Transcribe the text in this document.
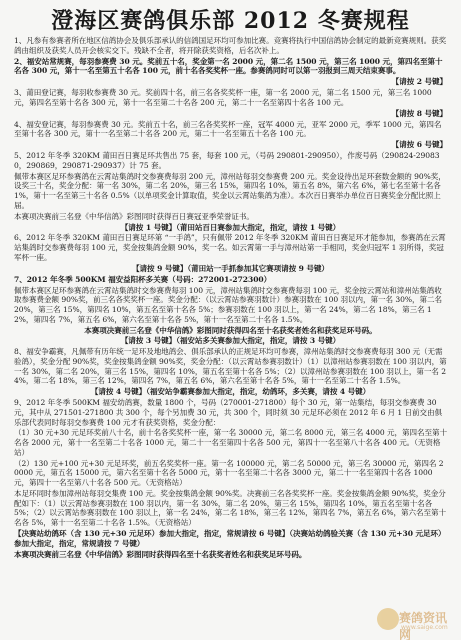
澄海区赛鸽俱乐部 2012 冬赛规程

1、凡参有参赛者所在地区信鸽协会及俱乐部承认的信鸽国足环均可参加比赛。竞赛将执行中国信鸽协会制定的最新竞赛规则。获奖鸽由组织及获奖人员开会核实交下。残缺不全者，将开除获奖资格，后名次补上。

2、福安站常规赛，每羽参赛费 30 元。奖前五十名，奖金第一名 2000 元，第二名 1500 元，第三名 1000 元，第四名至第十名各 300 元，第十一名至第五十名各 100 元，前十名各奖奖杯一座。参赛鸽同时可以第一羽报到三周天结束赛事。

【请按 2 号键】

3、莆田登记赛，每羽收参赛费 30 元。奖前四十名，前三名各奖奖杯一座，第一名 2000 元，第二名 1500 元，第三名 1000 元，第四名至第十名各 300 元，第十一名至第二十名各 200 元，第二十一名至第四十名各 100 元。

【请按 8 号键】

4、福安登记赛，每羽参赛费 30 元。奖前五十名，前三名各奖奖杯一座，冠军 4000 元，亚军 2000 元，季军 1000 元，第四名至第十名各 300 元，第十一名至第二十名各 200 元，第二十一名至第五十名各 100 元。

【请按 6 号键】

5、2012 年冬季 320KM 莆田百日赛足环共售出 75 套，每套 100 元，（号码 290801-290950），作废号码（290824-290830，290869，290871-290937）计 75 套。

佩带本赛区足环参赛鸽在云霄站集鸽时交参赛费每羽 200 元，漳州站每羽交参赛费 200 元。奖金设待出足环套数金额的 90%奖，设奖三十名，奖金分配：第一名 30%，第二名 20%，第三名 15%，第四名 10%，第五名 8%，第六名 6%，第七名至第十名各 1%，第十一名至第三十名各 0.5%（以单项奖金计算取值，奖金以云霄站集鸽为准）。本次百日赛举办单位百日赛奖金分配比照上届。

本赛项决赛前三名登《中华信鸽》彩图同时获得百日赛冠亚季荣誉证书。

【请按 1 号键】（莆田站百日赛参加大指定，指定，请按 1 号键）

6、2012 年冬季 320KM 莆田百日赛足环第 “一手鸽”，只有佩带 2012 年冬季 320KM 莆田百日赛足环才能参加，参赛鸽在云霄站集鸽时交参赛费每羽 100 元，奖金按集鸽金额 90%，奖一名。如云霄第一手与漳州站第一手相同，奖金归冠军 1 羽所得，奖冠军杯一座。

【请按 9 号键】（莆田站一手抓参加其它赛项请按 9 号键）

7、2012 年冬季 500KM 福安益阳杯多关赛（号码：272001-272300）

佩带本赛区足环参赛鸽在云霄站集鸽时交参赛费每羽 100 元，漳州站集鸽时交参赛费每羽 100 元，奖金按云霄站和漳州站集鸽收取参赛费金额 90%奖，前三名各奖奖杯一座。奖金分配：（以云霄站参赛羽数计）参赛羽数在 100 羽以内，第一名 30%，第二名 20%，第三名 15%，第四名 10%，第五名至第十名各 5%；参赛羽数在 100 羽以上，第一名 24%，第二名 18%，第三名 12%，第四名 7%，第五名 6%，第六名至第十名各 5%，第十一名至第二十名各 1.5%。

本赛项决赛前三名登《中华信鸽》彩图同时获得四名至十名获奖者姓名和获奖足环号码。

【请按 3 号键】（福安站多关赛参加大指定，指定，请按 3 号键）

8、福安争霸赛，凡佩带有历年统一足环及地地鸽会、俱乐部承认的正规足环均可参赛，漳州站集鸽时交参赛费每羽 300 元（无需验鸽），奖金分配 90%奖，奖金按集鸽金额 90%奖，奖金分配：（以云霄站参赛羽数计）（1）以漳州站参赛羽数在 100 羽以内，第一名 30%，第二名 20%，第三名 15%，第四名 10%，第五名至第十名各 5%；（2）以漳州站参赛羽数在 100 羽以上，第一名 24%，第二名 18%，第三名 12%，第四名 7%，第五名 6%，第六名至第十名各 5%，第十一名至第二十名各 1.5%。

【请按 4 号键】（福安站争霸赛参加大指定，指定，幼鸽环，多关赛，请按 4 号键）

9、2012 年冬季 500KM 福安幼鸽赛，数量 1800 个，号码（270001-271800）每个 30 元，第一站集结，每羽交参赛费 30 元，其中从 271501-271800 共 300 个，每个另加费 30 元，共 300 个，同时须 30 元足环必须在 2012 年 6 月 1 日前交由俱乐部代表同时每羽交参赛费 100 元才有获奖资格，奖金分配：

（1）30 元+30 元足环奖前八十名，前十名各奖奖杯一座，第一名 30000 元，第二名 8000 元，第三名 4000 元，第四名至第十名各 2000 元，第十一名至第二十名各 1000 元，第二十一名至第四十名各 500 元，第四十一名至第八十名各 400 元。（无资格站）

（2）130 元+100 元+30 元足环奖，前五名奖奖杯一座。第一名 100000 元，第二名 50000 元，第三名 30000 元，第四名 20000 元，第五名 15000 元，第六名至第十名各 5000 元，第十一名至第二十名各 3000 元，第二十一名至第四十名各 1000 元，第四十一名至第八十名各 500 元。（无资格站）

本足环同时参加漳州站每羽交集费 100 元。奖金按集鸽金额 90%奖。决赛前三名各奖奖杯一座。奖金按集鸽金额 90%奖，奖金分配如下：（1）以云霄站参赛羽数在 100 羽以内，第一名 30%，第二名 20%，第三名 15%，第四名 10%，第五名至第十名各 5%；（2）以云霄站参赛羽数在 100 羽以上，第一名 24%，第二名 18%，第三名 12%，第四名 7%，第五名 6%，第六名至第十名各 5%，第十一名至第二十名各 1.5%。（无资格站）

【决赛站幼鸽环（含 130 元+30 元足环）参加大指定，指定，常规请按 6 号键】（决赛站幼鸽验关赛（含 130 元+30 元足环）参加大指定，指定，常规请按 7 号键）

本赛项决赛前三名登《中华信鸽》彩图同时获得四名至十名获奖者姓名和获奖足环号码。

赛鸽资讯网
www.saige.com
